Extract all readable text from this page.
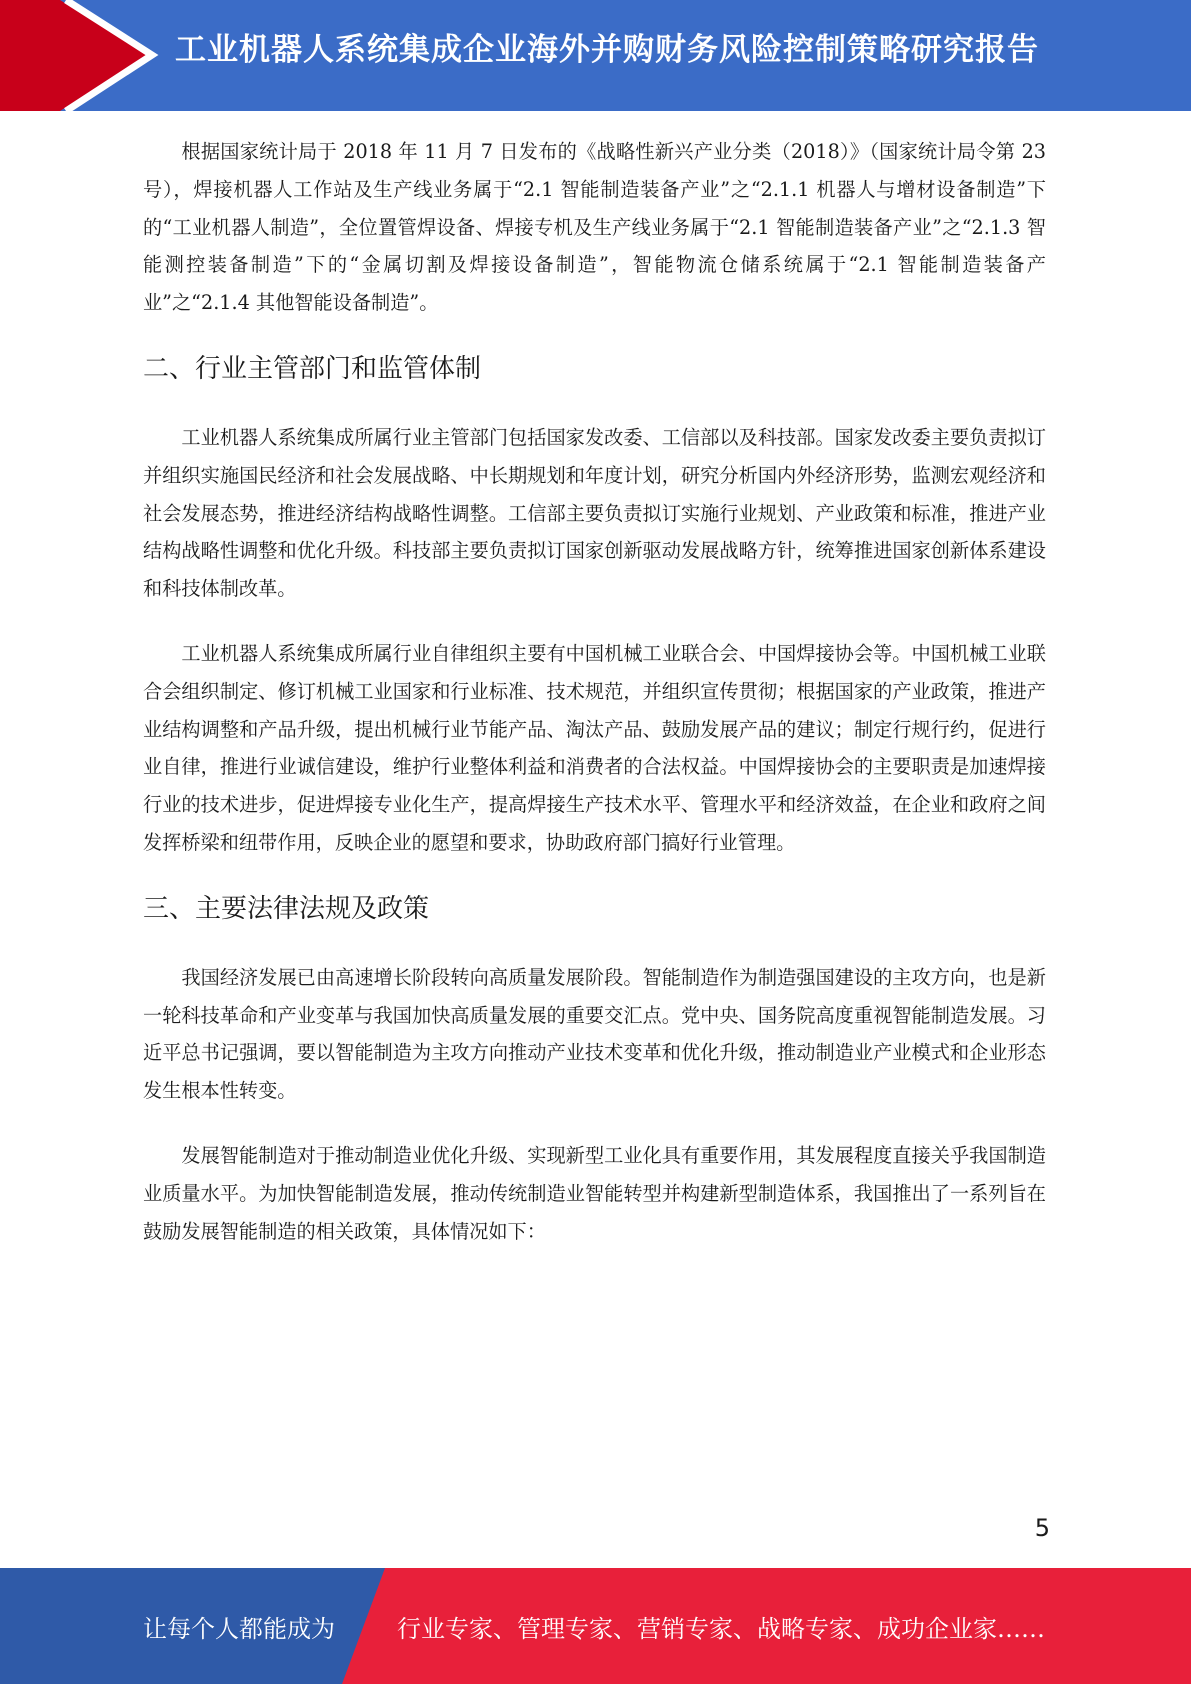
工业机器人系统集成企业海外并购财务风险控制策略研究报告

根据国家统计局于 2018 年 11 月 7 日发布的《战略性新兴产业分类（2018）》（国家统计局令第 23 号），焊接机器人工作站及生产线业务属于“2.1 智能制造装备产业”之“2.1.1 机器人与增材设备制造”下的“工业机器人制造”，全位置管焊设备、焊接专机及生产线业务属于“2.1 智能制造装备产业”之“2.1.3 智能测控装备制造”下的“金属切割及焊接设备制造”，智能物流仓储系统属于“2.1 智能制造装备产业”之“2.1.4 其他智能设备制造”。

二、行业主管部门和监管体制

工业机器人系统集成所属行业主管部门包括国家发改委、工信部以及科技部。国家发改委主要负责拟订并组织实施国民经济和社会发展战略、中长期规划和年度计划，研究分析国内外经济形势，监测宏观经济和社会发展态势，推进经济结构战略性调整。工信部主要负责拟订实施行业规划、产业政策和标准，推进产业结构战略性调整和优化升级。科技部主要负责拟订国家创新驱动发展战略方针，统筹推进国家创新体系建设和科技体制改革。

工业机器人系统集成所属行业自律组织主要有中国机械工业联合会、中国焊接协会等。中国机械工业联合会组织制定、修订机械工业国家和行业标准、技术规范，并组织宣传贯彻；根据国家的产业政策，推进产业结构调整和产品升级，提出机械行业节能产品、淘汰产品、鼓励发展产品的建议；制定行规行约，促进行业自律，推进行业诚信建设，维护行业整体利益和消费者的合法权益。中国焊接协会的主要职责是加速焊接行业的技术进步，促进焊接专业化生产，提高焊接生产技术水平、管理水平和经济效益，在企业和政府之间发挥桥梁和纽带作用，反映企业的愿望和要求，协助政府部门搞好行业管理。

三、主要法律法规及政策

我国经济发展已由高速增长阶段转向高质量发展阶段。智能制造作为制造强国建设的主攻方向，也是新一轮科技革命和产业变革与我国加快高质量发展的重要交汇点。党中央、国务院高度重视智能制造发展。习近平总书记强调，要以智能制造为主攻方向推动产业技术变革和优化升级，推动制造业产业模式和企业形态发生根本性转变。

发展智能制造对于推动制造业优化升级、实现新型工业化具有重要作用，其发展程度直接关乎我国制造业质量水平。为加快智能制造发展，推动传统制造业智能转型并构建新型制造体系，我国推出了一系列旨在鼓励发展智能制造的相关政策，具体情况如下：

5
让每个人都能成为	行业专家、管理专家、营销专家、战略专家、成功企业家……
